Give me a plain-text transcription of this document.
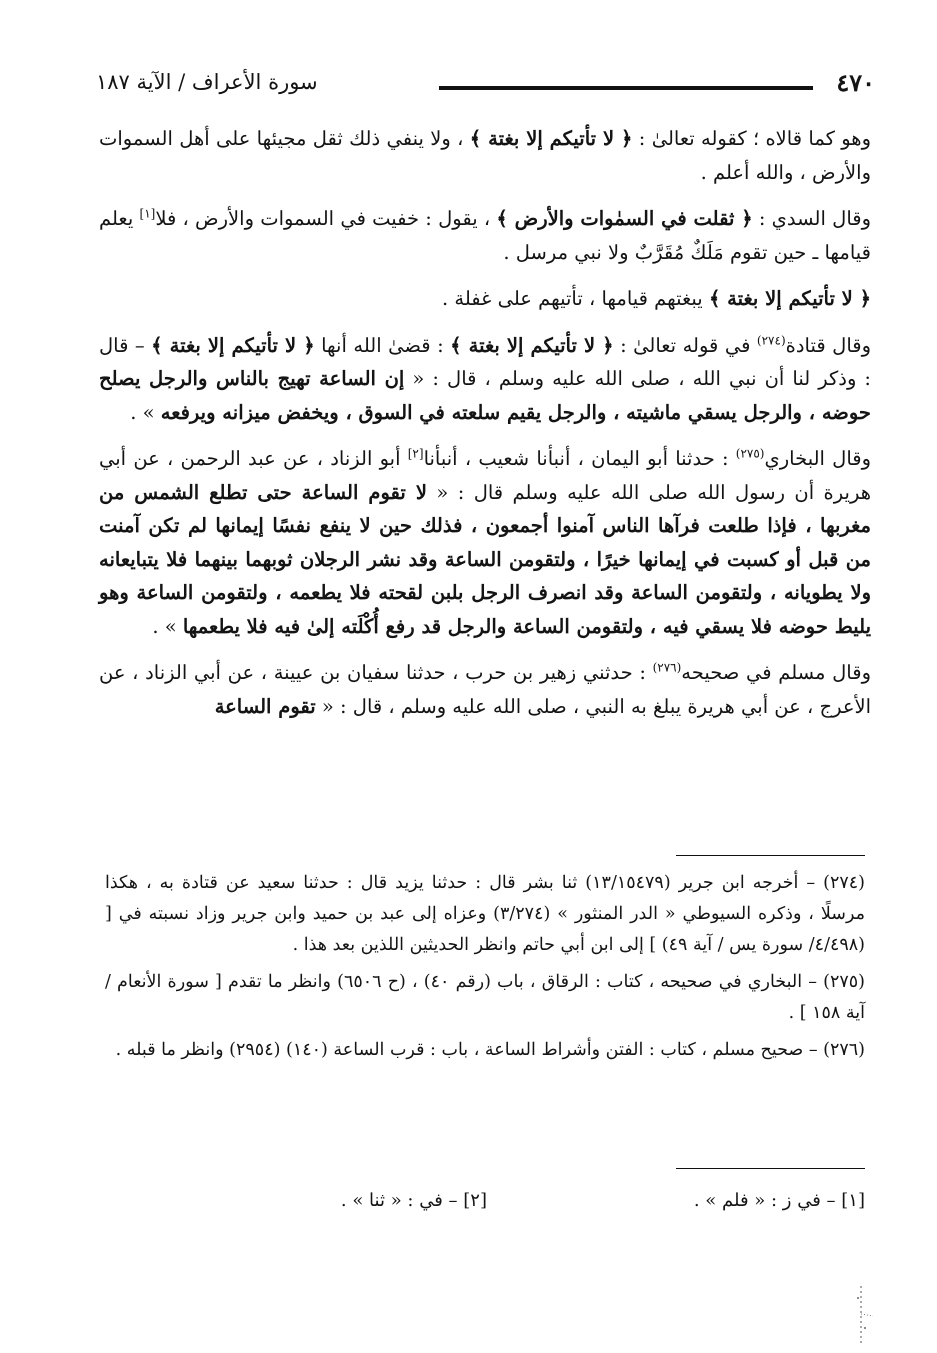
٤٧٠
سورة الأعراف / الآية ١٨٧

وهو كما قالاه ؛ كقوله تعالىٰ : ﴿ لا تأتيكم إلا بغتة ﴾ ، ولا ينفي ذلك ثقل مجيئها على أهل السموات والأرض ، والله أعلم .

وقال السدي : ﴿ ثقلت في السمٰوات والأرض ﴾ ، يقول : خفيت في السموات والأرض ، فلا[١] يعلم قيامها ـ حين تقوم مَلَكٌ مُقَرَّبٌ ولا نبي مرسل .

﴿ لا تأتيكم إلا بغتة ﴾ يبغتهم قيامها ، تأتيهم على غفلة .

وقال قتادة$^{(٢٧٤)}$ في قوله تعالىٰ : ﴿ لا تأتيكم إلا بغتة ﴾ : قضىٰ الله أنها ﴿ لا تأتيكم إلا بغتة ﴾ – قال : وذكر لنا أن نبي الله ، صلى الله عليه وسلم ، قال : « إن الساعة تهيج بالناس والرجل يصلح حوضه ، والرجل يسقي ماشيته ، والرجل يقيم سلعته في السوق ، ويخفض ميزانه ويرفعه » .

وقال البخاري$^{(٢٧٥)}$ : حدثنا أبو اليمان ، أنبأنا شعيب ، أنبأنا[٢] أبو الزناد ، عن عبد الرحمن ، عن أبي هريرة أن رسول الله صلى الله عليه وسلم قال : « لا تقوم الساعة حتى تطلع الشمس من مغربها ، فإذا طلعت فرآها الناس آمنوا أجمعون ، فذلك حين لا ينفع نفسًا إيمانها لم تكن آمنت من قبل أو كسبت في إيمانها خيرًا ، ولتقومن الساعة وقد نشر الرجلان ثوبهما بينهما فلا يتبايعانه ولا يطويانه ، ولتقومن الساعة وقد انصرف الرجل بلبن لقحته فلا يطعمه ، ولتقومن الساعة وهو يليط حوضه فلا يسقي فيه ، ولتقومن الساعة والرجل قد رفع أُكْلَته إلىٰ فيه فلا يطعمها » .

وقال مسلم في صحيحه$^{(٢٧٦)}$ : حدثني زهير بن حرب ، حدثنا سفيان بن عيينة ، عن أبي الزناد ، عن الأعرج ، عن أبي هريرة يبلغ به النبي ، صلى الله عليه وسلم ، قال : « تقوم الساعة

(٢٧٤) – أخرجه ابن جرير (١٣/١٥٤٧٩) ثنا بشر قال : حدثنا يزيد قال : حدثنا سعيد عن قتادة به ، هكذا مرسلًا ، وذكره السيوطي « الدر المنثور » (٣/٢٧٤) وعزاه إلى عبد بن حميد وابن جرير وزاد نسبته في [ (٤/٤٩٨/ سورة يس / آية ٤٩) ] إلى ابن أبي حاتم وانظر الحديثين اللذين بعد هذا .

(٢٧٥) – البخاري في صحيحه ، كتاب : الرقاق ، باب (رقم ٤٠) ، (ح ٦٥٠٦) وانظر ما تقدم [ سورة الأنعام /آية ١٥٨ ] .

(٢٧٦) – صحيح مسلم ، كتاب : الفتن وأشراط الساعة ، باب : قرب الساعة (١٤٠) (٢٩٥٤) وانظر ما قبله .

[١] – في ز : « فلم » .
[٢] – في : « ثنا » .
